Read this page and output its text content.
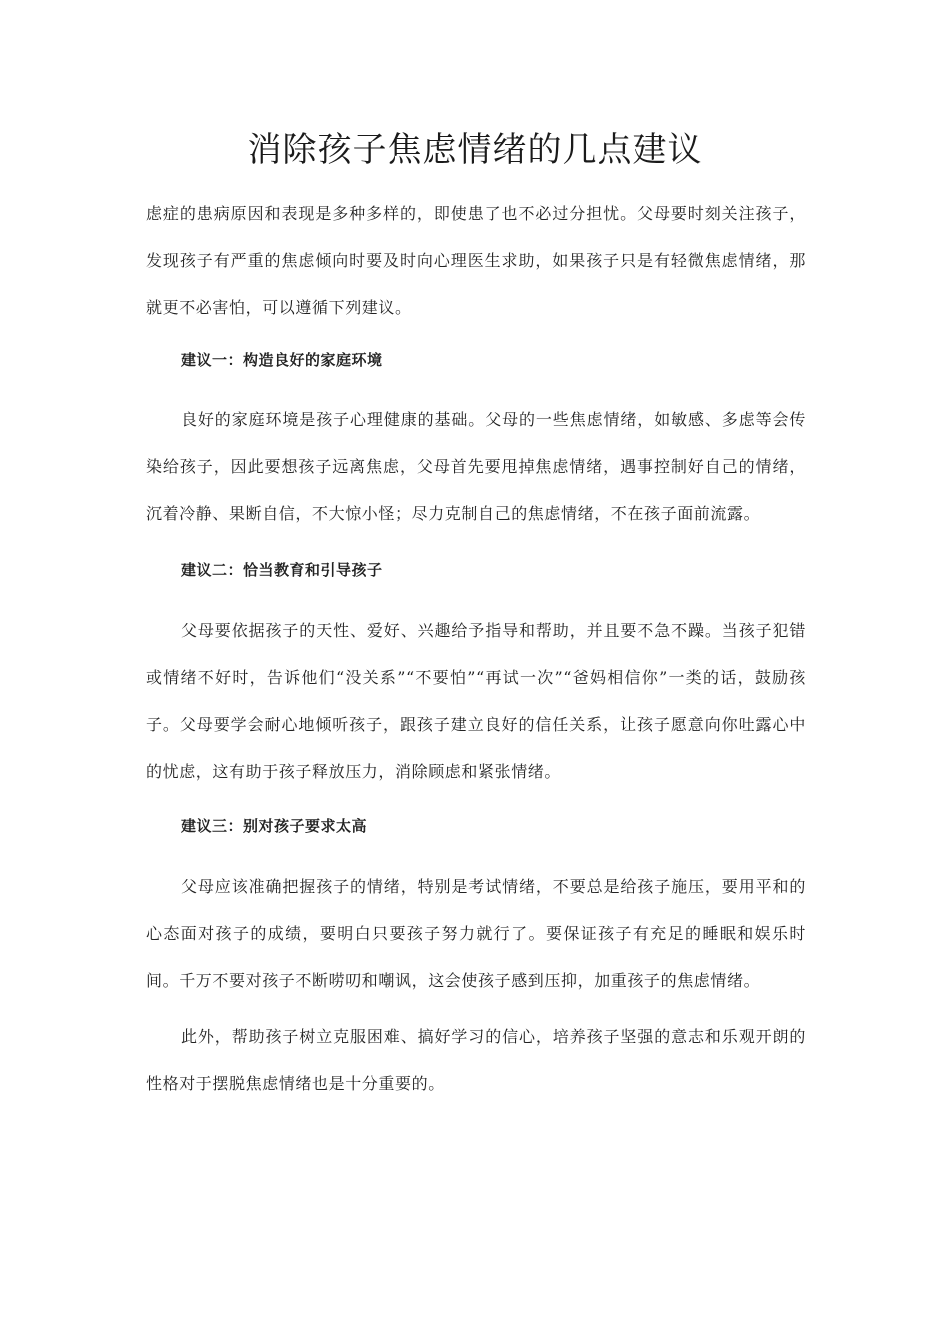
消除孩子焦虑情绪的几点建议

虑症的患病原因和表现是多种多样的，即使患了也不必过分担忧。父母要时刻关注孩子，发现孩子有严重的焦虑倾向时要及时向心理医生求助，如果孩子只是有轻微焦虑情绪，那就更不必害怕，可以遵循下列建议。

建议一：构造良好的家庭环境

良好的家庭环境是孩子心理健康的基础。父母的一些焦虑情绪，如敏感、多虑等会传染给孩子，因此要想孩子远离焦虑，父母首先要甩掉焦虑情绪，遇事控制好自己的情绪，沉着冷静、果断自信，不大惊小怪；尽力克制自己的焦虑情绪，不在孩子面前流露。

建议二：恰当教育和引导孩子

父母要依据孩子的天性、爱好、兴趣给予指导和帮助，并且要不急不躁。当孩子犯错或情绪不好时，告诉他们“没关系”“不要怕”“再试一次”“爸妈相信你”一类的话，鼓励孩子。父母要学会耐心地倾听孩子，跟孩子建立良好的信任关系，让孩子愿意向你吐露心中的忧虑，这有助于孩子释放压力，消除顾虑和紧张情绪。

建议三：别对孩子要求太高

父母应该准确把握孩子的情绪，特别是考试情绪，不要总是给孩子施压，要用平和的心态面对孩子的成绩，要明白只要孩子努力就行了。要保证孩子有充足的睡眠和娱乐时间。千万不要对孩子不断唠叨和嘲讽，这会使孩子感到压抑，加重孩子的焦虑情绪。

此外，帮助孩子树立克服困难、搞好学习的信心，培养孩子坚强的意志和乐观开朗的性格对于摆脱焦虑情绪也是十分重要的。
